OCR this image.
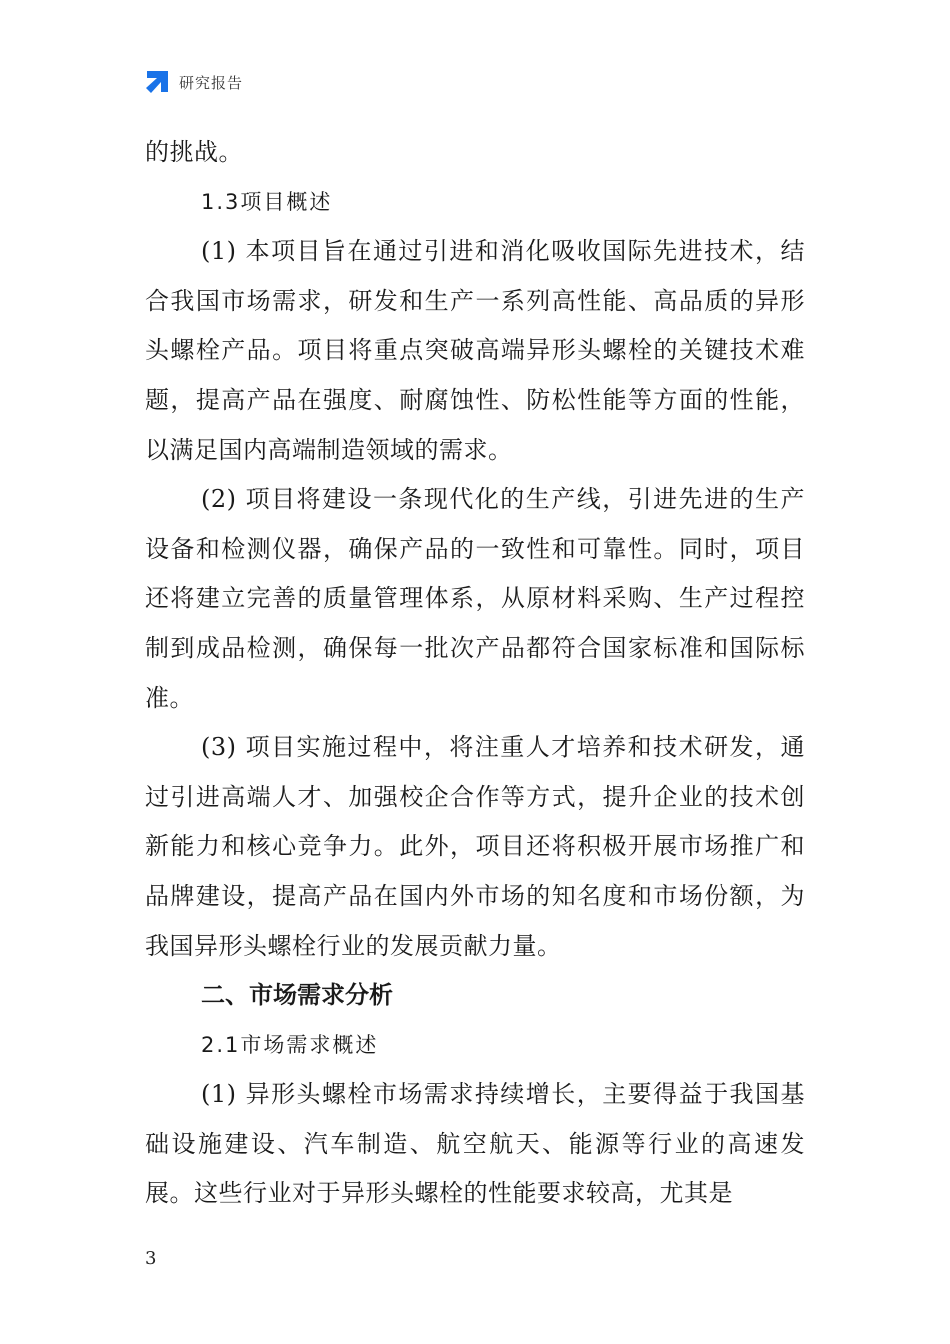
研究报告

的挑战。

1.3项目概述

(1) 本项目旨在通过引进和消化吸收国际先进技术，结合我国市场需求，研发和生产一系列高性能、高品质的异形头螺栓产品。项目将重点突破高端异形头螺栓的关键技术难题，提高产品在强度、耐腐蚀性、防松性能等方面的性能，以满足国内高端制造领域的需求。

(2) 项目将建设一条现代化的生产线，引进先进的生产设备和检测仪器，确保产品的一致性和可靠性。同时，项目还将建立完善的质量管理体系，从原材料采购、生产过程控制到成品检测，确保每一批次产品都符合国家标准和国际标准。

(3) 项目实施过程中，将注重人才培养和技术研发，通过引进高端人才、加强校企合作等方式，提升企业的技术创新能力和核心竞争力。此外，项目还将积极开展市场推广和品牌建设，提高产品在国内外市场的知名度和市场份额，为我国异形头螺栓行业的发展贡献力量。

二、市场需求分析

2.1市场需求概述

(1) 异形头螺栓市场需求持续增长，主要得益于我国基础设施建设、汽车制造、航空航天、能源等行业的高速发展。这些行业对于异形头螺栓的性能要求较高，尤其是

3
